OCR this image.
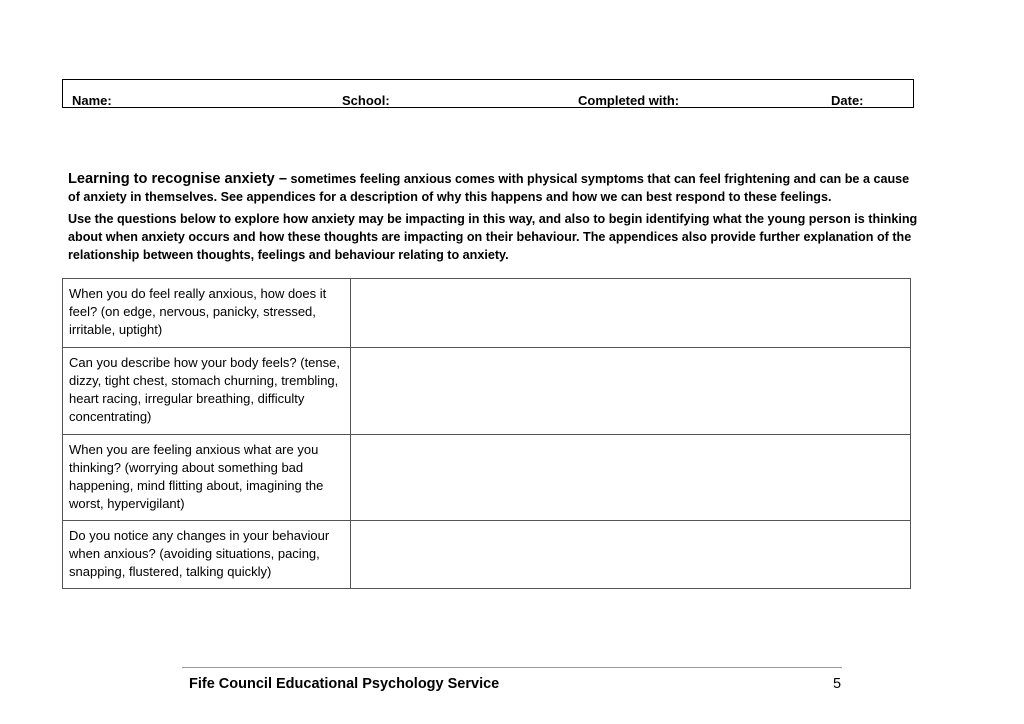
Name:	School:	Completed with:	Date:

Learning to recognise anxiety – sometimes feeling anxious comes with physical symptoms that can feel frightening and can be a cause of anxiety in themselves. See appendices for a description of why this happens and how we can best respond to these feelings.

Use the questions below to explore how anxiety may be impacting in this way, and also to begin identifying what the young person is thinking about when anxiety occurs and how these thoughts are impacting on their behaviour. The appendices also provide further explanation of the relationship between thoughts, feelings and behaviour relating to anxiety.

When you do feel really anxious, how does it feel? (on edge, nervous, panicky, stressed, irritable, uptight)	
Can you describe how your body feels? (tense, dizzy, tight chest, stomach churning, trembling, heart racing, irregular breathing, difficulty concentrating)	
When you are feeling anxious what are you thinking? (worrying about something bad happening, mind flitting about, imagining the worst, hypervigilant)	
Do you notice any changes in your behaviour when anxious? (avoiding situations, pacing, snapping, flustered, talking quickly)	
Fife Council Educational Psychology Service	5
